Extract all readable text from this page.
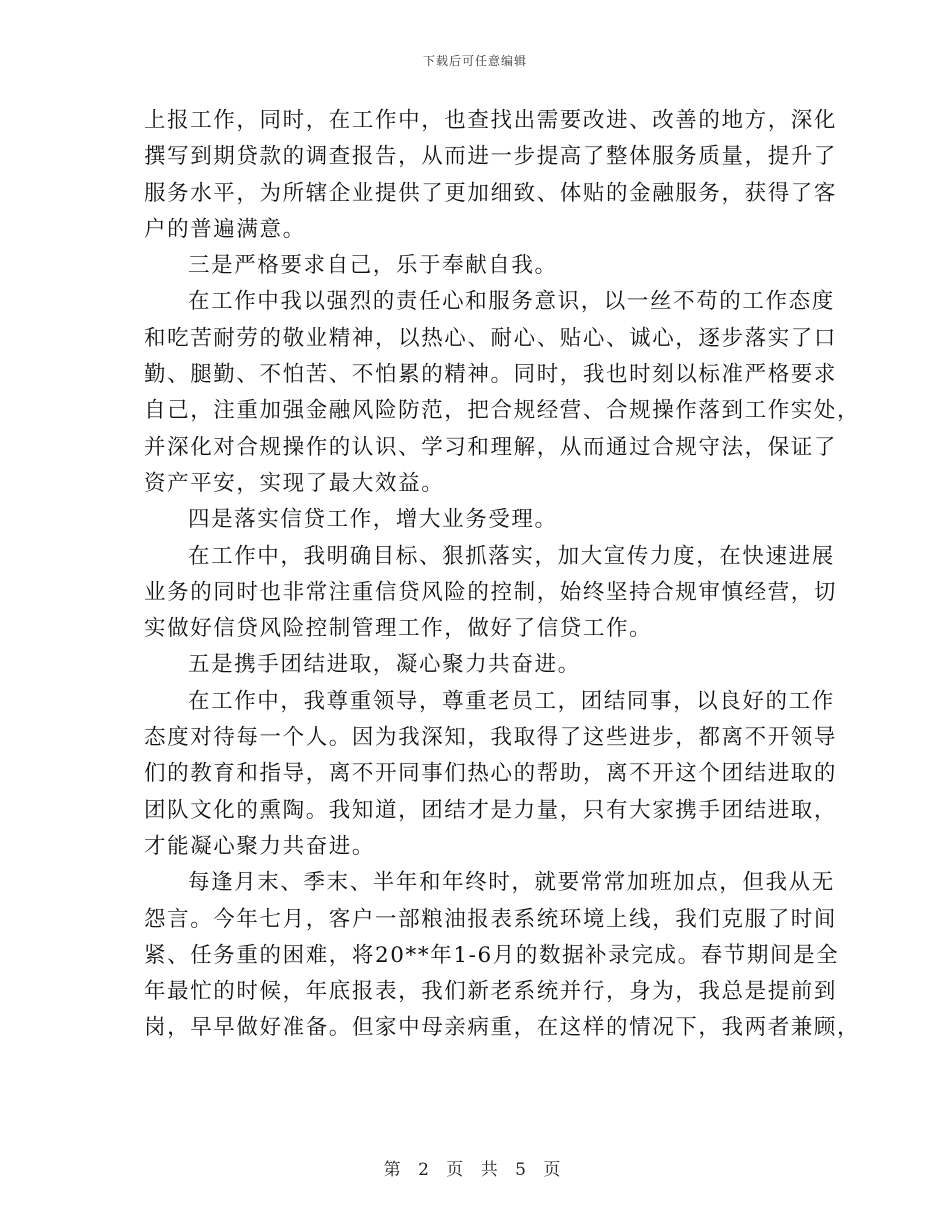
下载后可任意编辑

上报工作，同时，在工作中，也查找出需要改进、改善的地方，深化
撰写到期贷款的调查报告，从而进一步提高了整体服务质量，提升了
服务水平，为所辖企业提供了更加细致、体贴的金融服务，获得了客
户的普遍满意。

三是严格要求自己，乐于奉献自我。

在工作中我以强烈的责任心和服务意识，以一丝不苟的工作态度
和吃苦耐劳的敬业精神，以热心、耐心、贴心、诚心，逐步落实了口
勤、腿勤、不怕苦、不怕累的精神。同时，我也时刻以标准严格要求
自己，注重加强金融风险防范，把合规经营、合规操作落到工作实处，
并深化对合规操作的认识、学习和理解，从而通过合规守法，保证了
资产平安，实现了最大效益。

四是落实信贷工作，增大业务受理。

在工作中，我明确目标、狠抓落实，加大宣传力度，在快速进展
业务的同时也非常注重信贷风险的控制，始终坚持合规审慎经营，切
实做好信贷风险控制管理工作，做好了信贷工作。

五是携手团结进取，凝心聚力共奋进。

在工作中，我尊重领导，尊重老员工，团结同事，以良好的工作
态度对待每一个人。因为我深知，我取得了这些进步，都离不开领导
们的教育和指导，离不开同事们热心的帮助，离不开这个团结进取的
团队文化的熏陶。我知道，团结才是力量，只有大家携手团结进取，
才能凝心聚力共奋进。

每逢月末、季末、半年和年终时，就要常常加班加点，但我从无
怨言。今年七月，客户一部粮油报表系统环境上线，我们克服了时间
紧、任务重的困难，将20**年1-6月的数据补录完成。春节期间是全
年最忙的时候，年底报表，我们新老系统并行，身为，我总是提前到
岗，早早做好准备。但家中母亲病重，在这样的情况下，我两者兼顾，

第 2 页 共 5 页
